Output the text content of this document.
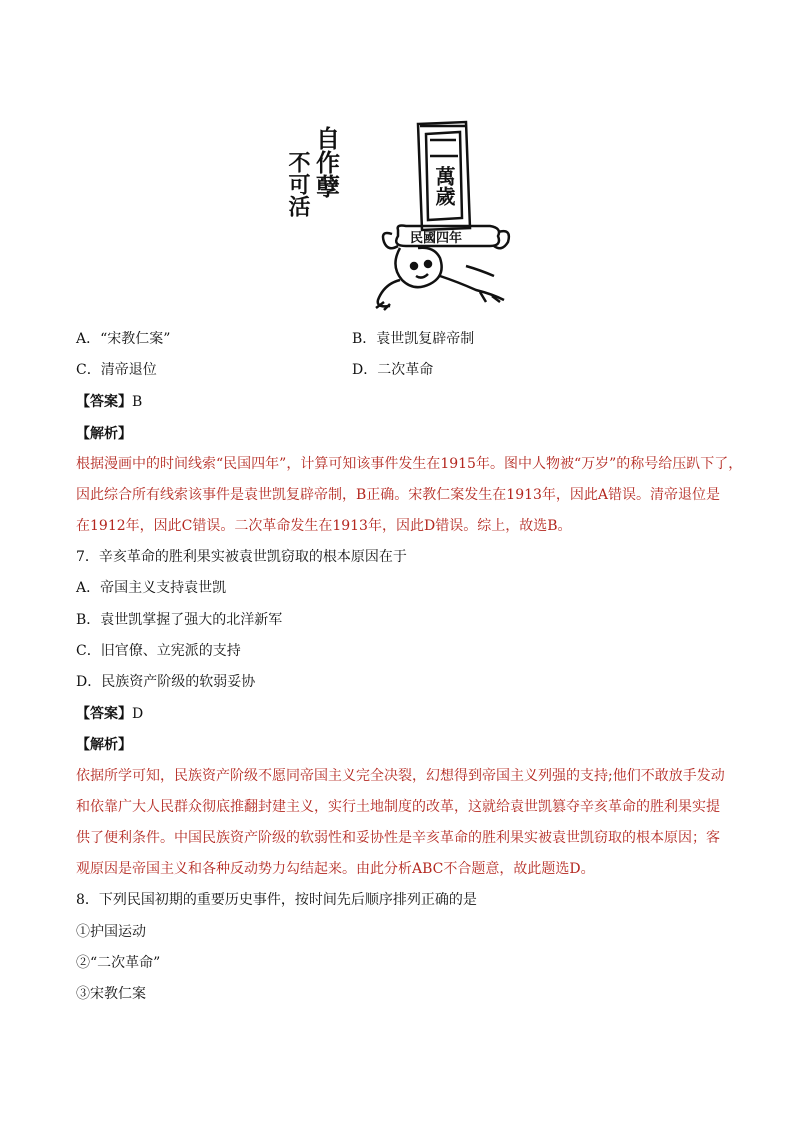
自作孽
不可活	萬歲
民國四年
A．“宋教仁案”	B．袁世凯复辟帝制
C．清帝退位	D．二次革命
【答案】B
【解析】
根据漫画中的时间线索“民国四年”，计算可知该事件发生在1915年。图中人物被“万岁”的称号给压趴下了，
因此综合所有线索该事件是袁世凯复辟帝制，B正确。宋教仁案发生在1913年，因此A错误。清帝退位是
在1912年，因此C错误。二次革命发生在1913年，因此D错误。综上，故选B。
7．辛亥革命的胜利果实被袁世凯窃取的根本原因在于
A．帝国主义支持袁世凯
B．袁世凯掌握了强大的北洋新军
C．旧官僚、立宪派的支持
D．民族资产阶级的软弱妥协
【答案】D
【解析】
依据所学可知，民族资产阶级不愿同帝国主义完全决裂，幻想得到帝国主义列强的支持;他们不敢放手发动
和依靠广大人民群众彻底推翻封建主义，实行土地制度的改革，这就给袁世凯篡夺辛亥革命的胜利果实提
供了便利条件。中国民族资产阶级的软弱性和妥协性是辛亥革命的胜利果实被袁世凯窃取的根本原因；客
观原因是帝国主义和各种反动势力勾结起来。由此分析ABC不合题意，故此题选D。
8．下列民国初期的重要历史事件，按时间先后顺序排列正确的是
①护国运动
②“二次革命”
③宋教仁案
